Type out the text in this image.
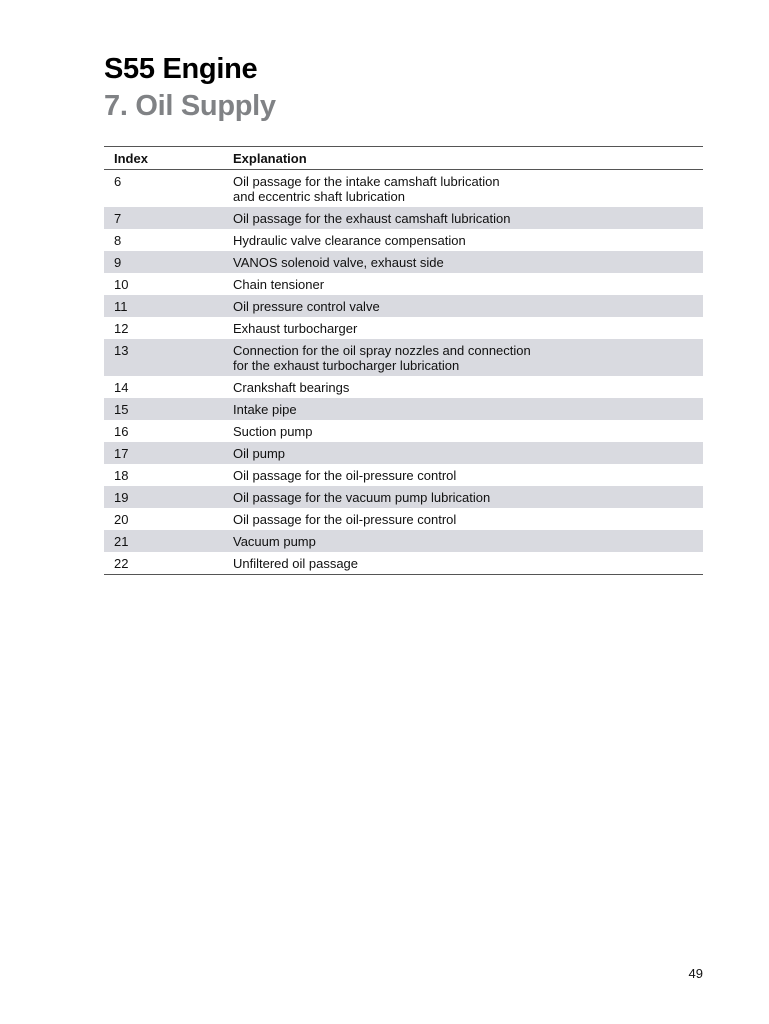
S55 Engine
7. Oil Supply
Index	Explanation
6	Oil passage for the intake camshaft lubrication
and eccentric shaft lubrication
7	Oil passage for the exhaust camshaft lubrication
8	Hydraulic valve clearance compensation
9	VANOS solenoid valve, exhaust side
10	Chain tensioner
11	Oil pressure control valve
12	Exhaust turbocharger
13	Connection for the oil spray nozzles and connection
for the exhaust turbocharger lubrication
14	Crankshaft bearings
15	Intake pipe
16	Suction pump
17	Oil pump
18	Oil passage for the oil-pressure control
19	Oil passage for the vacuum pump lubrication
20	Oil passage for the oil-pressure control
21	Vacuum pump
22	Unfiltered oil passage
49
